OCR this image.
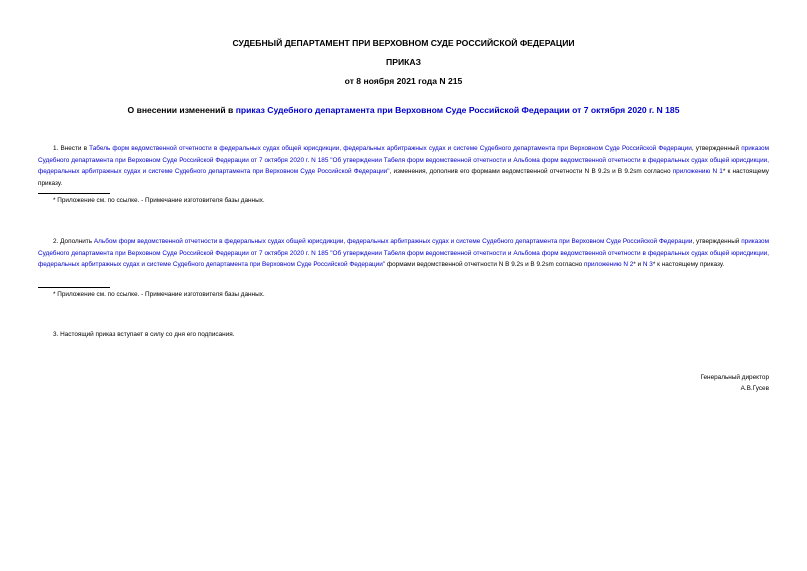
СУДЕБНЫЙ ДЕПАРТАМЕНТ ПРИ ВЕРХОВНОМ СУДЕ РОССИЙСКОЙ ФЕДЕРАЦИИ
ПРИКАЗ
от 8 ноября 2021 года N 215
О внесении изменений в приказ Судебного департамента при Верховном Суде Российской Федерации от 7 октября 2020 г. N 185
1. Внести в Табель форм ведомственной отчетности в федеральных судах общей юрисдикции, федеральных арбитражных судах и системе Судебного департамента при Верховном Суде Российской Федерации, утвержденный приказом Судебного департамента при Верховном Суде Российской Федерации от 7 октября 2020 г. N 185 "Об утверждении Табеля форм ведомственной отчетности и Альбома форм ведомственной отчетности в федеральных судах общей юрисдикции, федеральных арбитражных судах и системе Судебного департамента при Верховном Суде Российской Федерации", изменения, дополнив его формами ведомственной отчетности N В 9.2s и В 9.2sm согласно приложению N 1* к настоящему приказу.
* Приложение см. по ссылке. - Примечание изготовителя базы данных.
2. Дополнить Альбом форм ведомственной отчетности в федеральных судах общей юрисдикции, федеральных арбитражных судах и системе Судебного департамента при Верховном Суде Российской Федерации, утвержденный приказом Судебного департамента при Верховном Суде Российской Федерации от 7 октября 2020 г. N 185 "Об утверждении Табеля форм ведомственной отчетности и Альбома форм ведомственной отчетности в федеральных судах общей юрисдикции, федеральных арбитражных судах и системе Судебного департамента при Верховном Суде Российской Федерации" формами ведомственной отчетности N В 9.2s и В 9.2sm согласно приложению N 2* и N 3* к настоящему приказу.
* Приложение см. по ссылке. - Примечание изготовителя базы данных.
3. Настоящий приказ вступает в силу со дня его подписания.
Генеральный директор
А.В.Гусев
